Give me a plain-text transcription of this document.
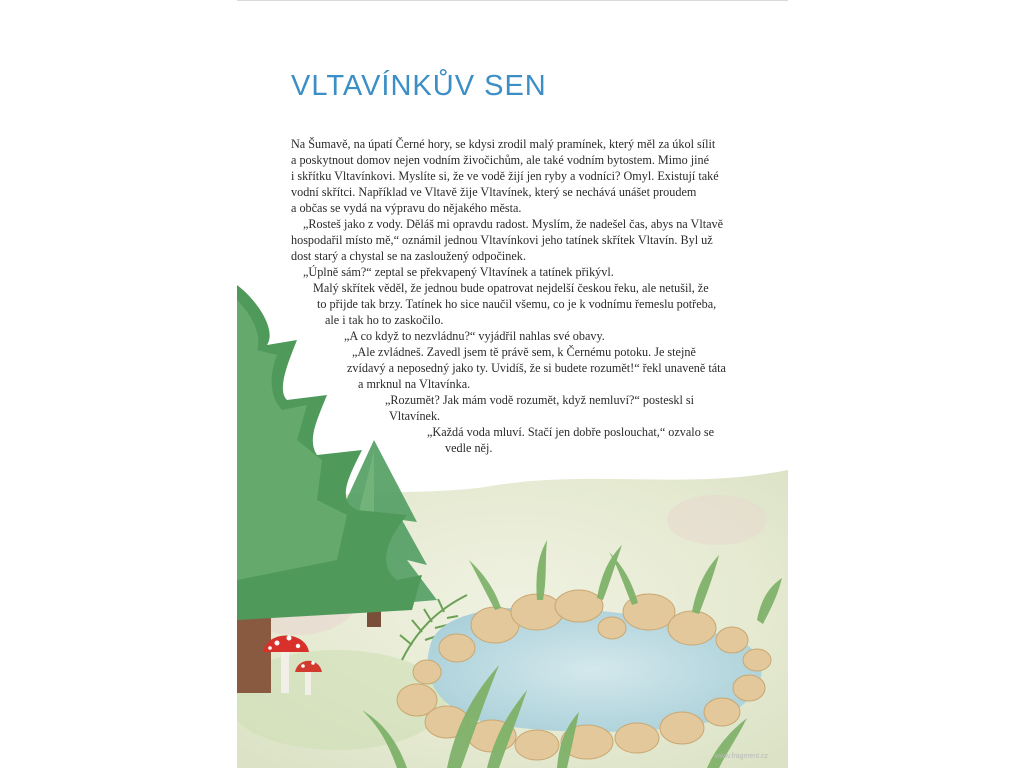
VLTAVÍNKŮV SEN
Na Šumavě, na úpatí Černé hory, se kdysi zrodil malý pramínek, který měl za úkol sílit
a poskytnout domov nejen vodním živočichům, ale také vodním bytostem. Mimo jiné
i skřítku Vltavínkovi. Myslíte si, že ve vodě žijí jen ryby a vodníci? Omyl. Existují také
vodní skřítci. Například ve Vltavě žije Vltavínek, který se nechává unášet proudem
a občas se vydá na výpravu do nějakého města.
„Rosteš jako z vody. Děláš mi opravdu radost. Myslím, že nadešel čas, abys na Vltavě
hospodařil místo mě,“ oznámil jednou Vltavínkovi jeho tatínek skřítek Vltavín. Byl už
dost starý a chystal se na zasloužený odpočinek.
„Úplně sám?“ zeptal se překvapený Vltavínek a tatínek přikývl.
Malý skřítek věděl, že jednou bude opatrovat nejdelší českou řeku, ale netušil, že
to přijde tak brzy. Tatínek ho sice naučil všemu, co je k vodnímu řemeslu potřeba,
ale i tak ho to zaskočilo.
„A co když to nezvládnu?“ vyjádřil nahlas své obavy.
„Ale zvládneš. Zavedl jsem tě právě sem, k Černému potoku. Je stejně
zvídavý a neposedný jako ty. Uvidíš, že si budete rozumět!“ řekl unaveně táta
a mrknul na Vltavínka.
„Rozumět? Jak mám vodě rozumět, když nemluví?“ posteskl si
Vltavínek.
„Každá voda mluví. Stačí jen dobře poslouchat,“ ozvalo se
vedle něj.
www.fragment.cz
